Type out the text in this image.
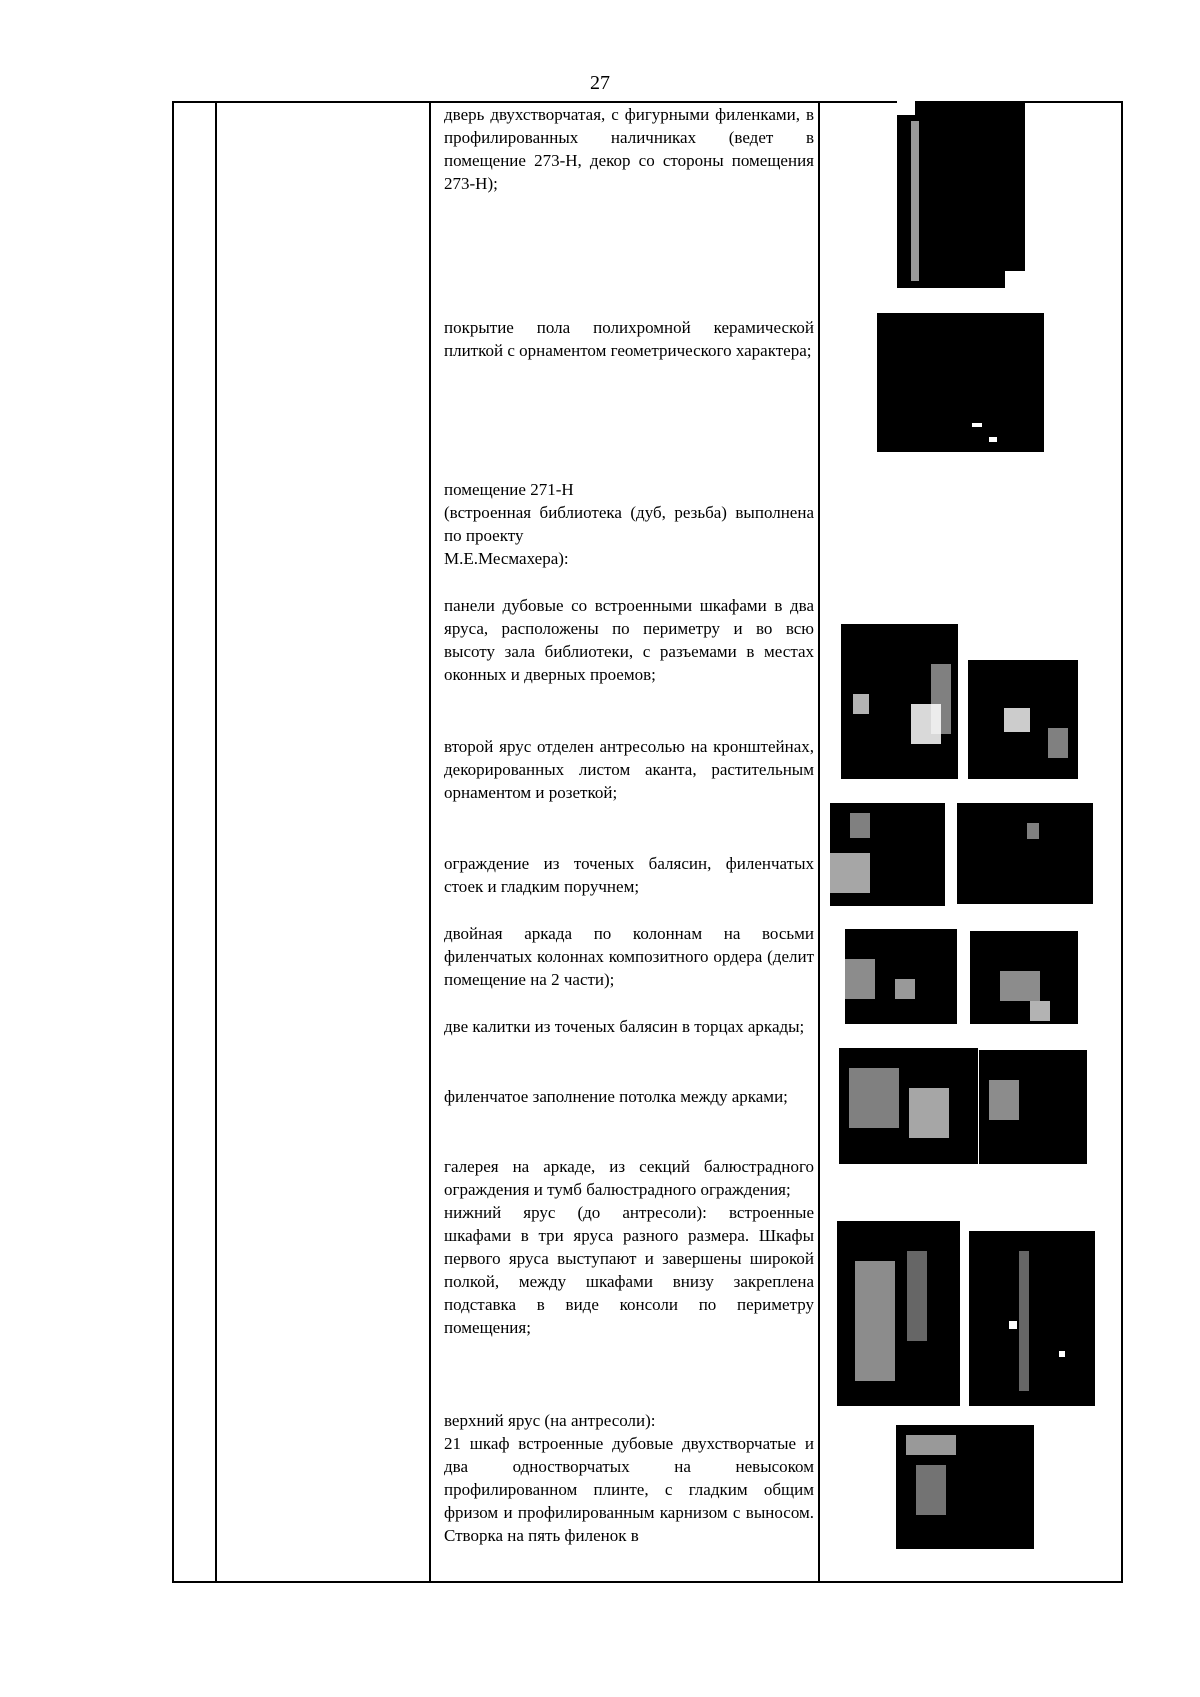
27

дверь двухстворчатая, с фигурными филенками, в профилированных наличниках (ведет в помещение 273-Н, декор со стороны помещения 273-Н);

покрытие пола полихромной керамической плиткой с орнаментом геометрического характера;

помещение 271-Н

(встроенная библиотека (дуб, резьба) выполнена по проекту

М.Е.Месмахера):

панели дубовые со встроенными шкафами в два яруса, расположены по периметру и во всю высоту зала библиотеки, с разъемами в местах оконных и дверных проемов;

второй ярус отделен антресолью на кронштейнах, декорированных листом аканта, растительным орнаментом и розеткой;

ограждение из точеных балясин, филенчатых стоек и гладким поручнем;

двойная аркада по колоннам на восьми филенчатых колоннах композитного ордера (делит помещение на 2 части);

две калитки из точеных балясин в торцах аркады;

филенчатое заполнение потолка между арками;

галерея на аркаде, из секций балюстрадного ограждения и тумб балюстрадного ограждения;

нижний ярус (до антресоли): встроенные шкафами в три яруса разного размера. Шкафы первого яруса выступают и завершены широкой полкой, между шкафами внизу закреплена подставка в виде консоли по периметру помещения;

верхний ярус (на антресоли):

21 шкаф встроенные дубовые двухстворчатые и два одностворчатых на невысоком профилированном плинте, с гладким общим фризом и профилированным карнизом с выносом. Створка на пять филенок в
